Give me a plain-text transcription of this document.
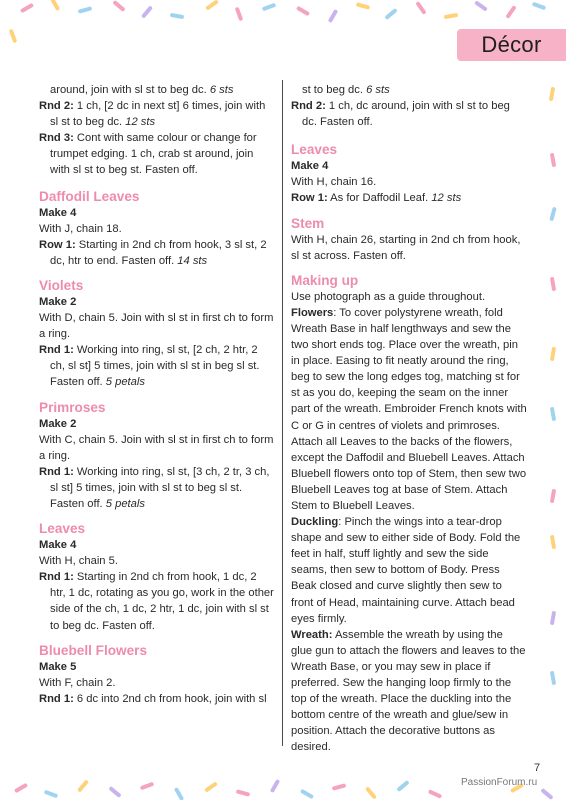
Décor

around, join with sl st to beg dc. 6 sts

Rnd 2: 1 ch, [2 dc in next st] 6 times, join with sl st to beg dc. 12 sts

Rnd 3: Cont with same colour or change for trumpet edging. 1 ch, crab st around, join with sl st to beg st. Fasten off.

Daffodil Leaves

Make 4

With J, chain 18.

Row 1: Starting in 2nd ch from hook, 3 sl st, 2 dc, htr to end. Fasten off. 14 sts

Violets

Make 2

With D, chain 5. Join with sl st in first ch to form a ring.

Rnd 1: Working into ring, sl st, [2 ch, 2 htr, 2 ch, sl st] 5 times, join with sl st in beg sl st. Fasten off. 5 petals

Primroses

Make 2

With C, chain 5. Join with sl st in first ch to form a ring.

Rnd 1: Working into ring, sl st, [3 ch, 2 tr, 3 ch, sl st] 5 times, join with sl st to beg sl st. Fasten off. 5 petals

Leaves

Make 4

With H, chain 5.

Rnd 1: Starting in 2nd ch from hook, 1 dc, 2 htr, 1 dc, rotating as you go, work in the other side of the ch, 1 dc, 2 htr, 1 dc, join with sl st to beg dc. Fasten off.

Bluebell Flowers

Make 5

With F, chain 2.

Rnd 1: 6 dc into 2nd ch from hook, join with sl

st to beg dc. 6 sts

Rnd 2: 1 ch, dc around, join with sl st to beg dc. Fasten off.

Leaves

Make 4

With H, chain 16.

Row 1: As for Daffodil Leaf. 12 sts

Stem

With H, chain 26, starting in 2nd ch from hook, sl st across. Fasten off.

Making up

Use photograph as a guide throughout.

Flowers: To cover polystyrene wreath, fold Wreath Base in half lengthways and sew the two short ends tog. Place over the wreath, pin in place. Easing to fit neatly around the ring, beg to sew the long edges tog, matching st for st as you do, keeping the seam on the inner part of the wreath. Embroider French knots with C or G in centres of violets and primroses. Attach all Leaves to the backs of the flowers, except the Daffodil and Bluebell Leaves. Attach Bluebell flowers onto top of Stem, then sew two Bluebell Leaves tog at base of Stem. Attach Stem to Bluebell Leaves.

Duckling: Pinch the wings into a tear-drop shape and sew to either side of Body. Fold the feet in half, stuff lightly and sew the side seams, then sew to bottom of Body. Press Beak closed and curve slightly then sew to front of Head, maintaining curve. Attach bead eyes firmly.

Wreath: Assemble the wreath by using the glue gun to attach the flowers and leaves to the Wreath Base, or you may sew in place if preferred. Sew the hanging loop firmly to the top of the wreath. Place the duckling into the bottom centre of the wreath and glue/sew in position. Attach the decorative buttons as desired.

7
PassionForum.ru
